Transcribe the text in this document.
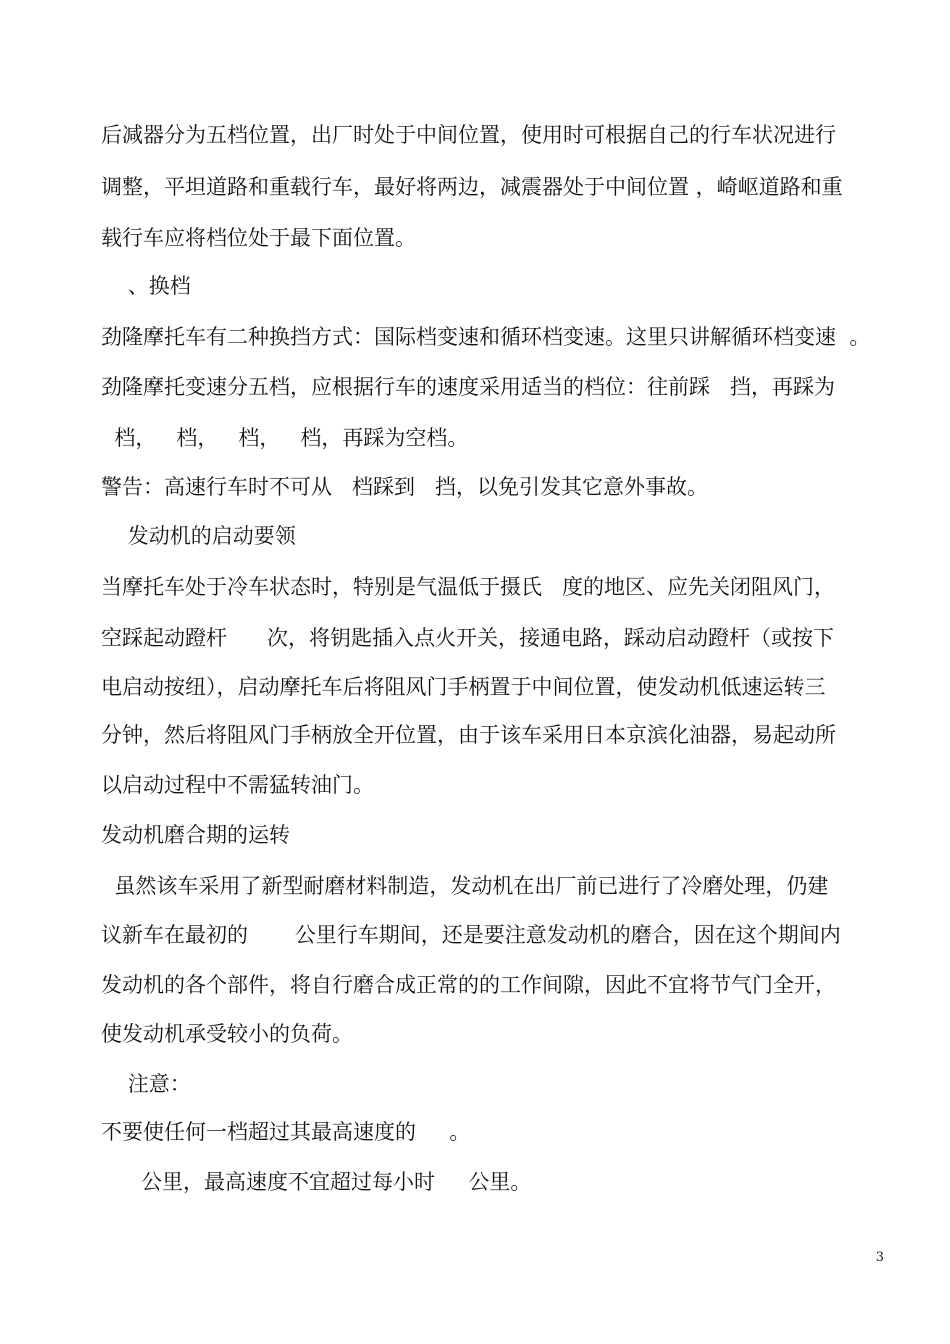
后减器分为五档位置，出厂时处于中间位置，使用时可根据自己的行车状况进行

调整，平坦道路和重载行车，最好将两边，减震器处于中间位置 ，崎岖道路和重

载行车应将档位处于最下面位置。

、换档

劲隆摩托车有二种换挡方式：国际档变速和循环档变速。这里只讲解循环档变速  。

劲隆摩托变速分五档，应根据行车的速度采用适当的档位：往前踩   挡，再踩为

档，   档，   档，   档，再踩为空档。

警告：高速行车时不可从   档踩到   挡，以免引发其它意外事故。

发动机的启动要领

当摩托车处于冷车状态时，特别是气温低于摄氏   度的地区、应先关闭阻风门，

空踩起动蹬杆      次，将钥匙插入点火开关，接通电路，踩动启动蹬杆（或按下

电启动按纽），启动摩托车后将阻风门手柄置于中间位置，使发动机低速运转三

分钟，然后将阻风门手柄放全开位置，由于该车采用日本京滨化油器，易起动所

以启动过程中不需猛转油门。

发动机磨合期的运转

虽然该车采用了新型耐磨材料制造，发动机在出厂前已进行了冷磨处理，仍建

议新车在最初的       公里行车期间，还是要注意发动机的磨合，因在这个期间内

发动机的各个部件，将自行磨合成正常的的工作间隙，因此不宜将节气门全开，

使发动机承受较小的负荷。

注意：

不要使任何一档超过其最高速度的     。

公里，最高速度不宜超过每小时     公里。

3
